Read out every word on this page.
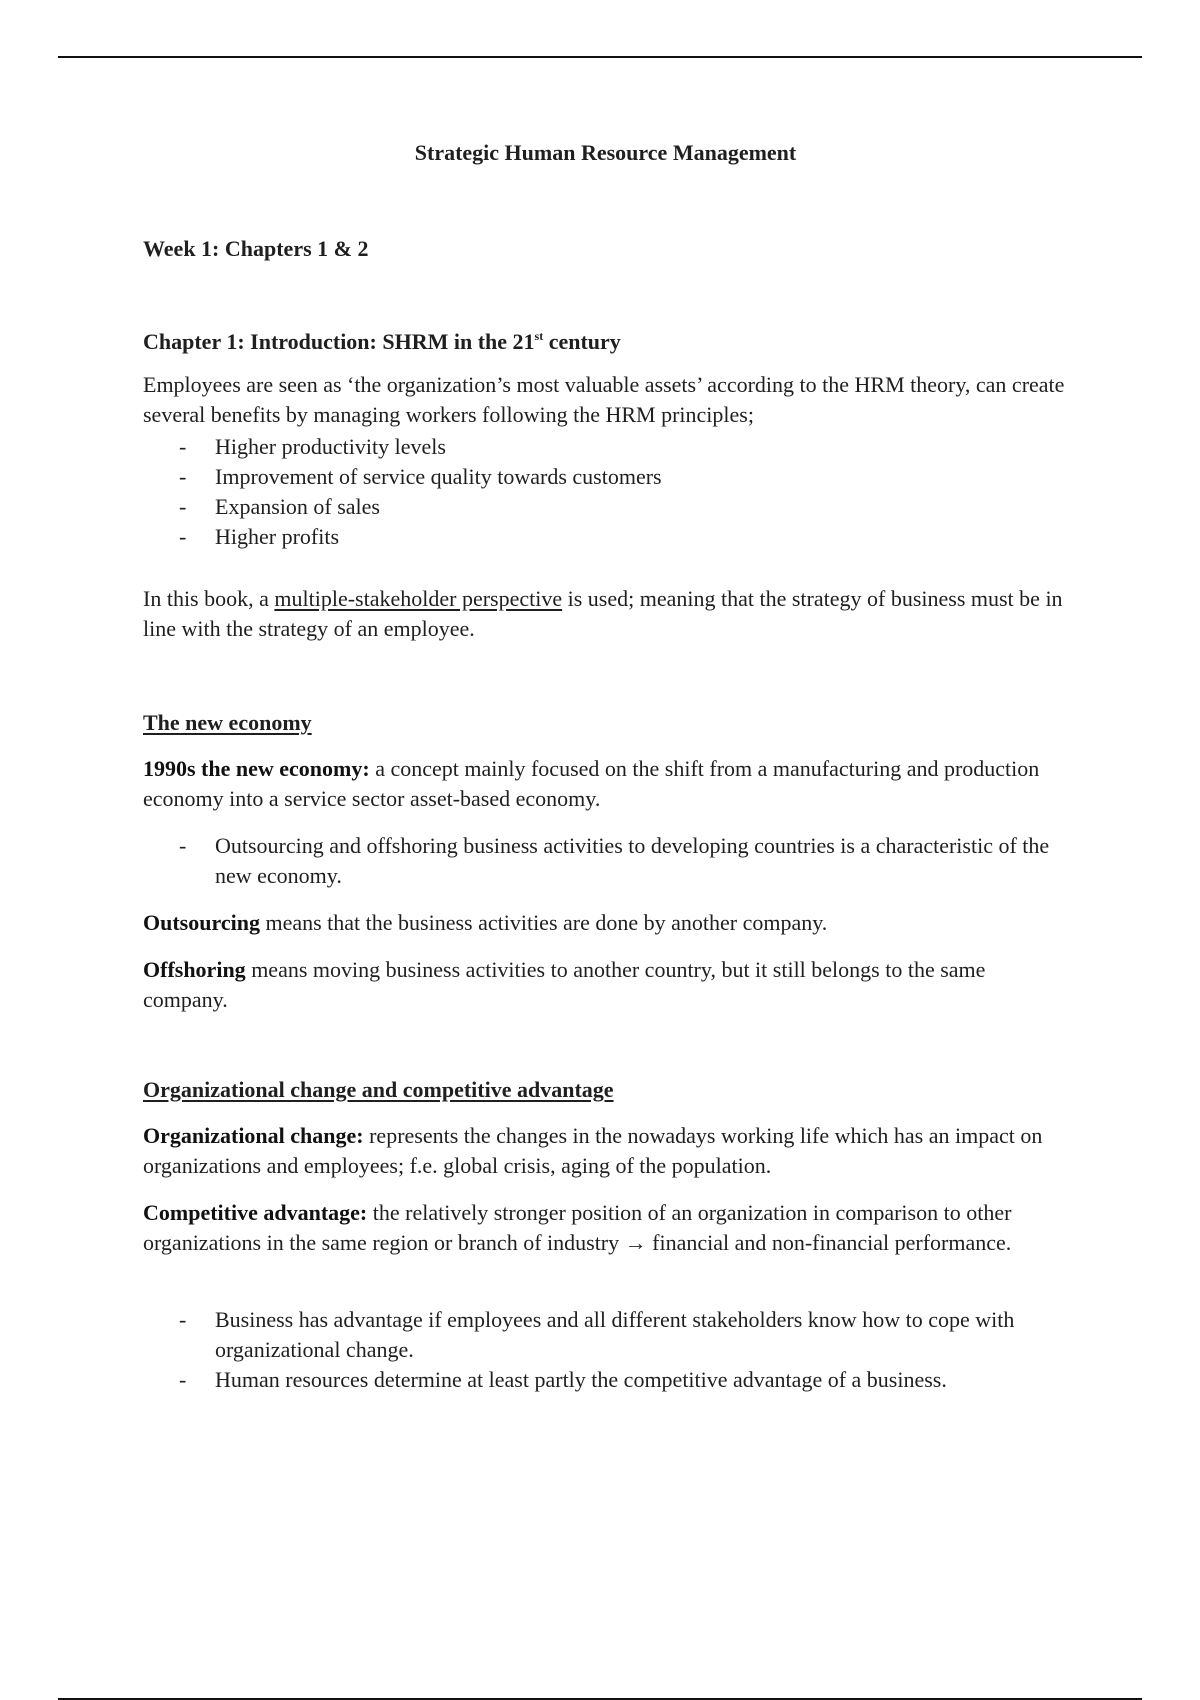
Strategic Human Resource Management
Week 1: Chapters 1 & 2
Chapter 1: Introduction: SHRM in the 21st century

Employees are seen as ‘the organization’s most valuable assets’ according to the HRM theory, can create several benefits by managing workers following the HRM principles;

- Higher productivity levels
- Improvement of service quality towards customers
- Expansion of sales
- Higher profits

In this book, a multiple-stakeholder perspective is used; meaning that the strategy of business must be in line with the strategy of an employee.

The new economy

1990s the new economy: a concept mainly focused on the shift from a manufacturing and production economy into a service sector asset-based economy.

- Outsourcing and offshoring business activities to developing countries is a characteristic of the new economy.

Outsourcing means that the business activities are done by another company.

Offshoring means moving business activities to another country, but it still belongs to the same company.

Organizational change and competitive advantage

Organizational change: represents the changes in the nowadays working life which has an impact on organizations and employees; f.e. global crisis, aging of the population.

Competitive advantage: the relatively stronger position of an organization in comparison to other organizations in the same region or branch of industry → financial and non-financial performance.

- Business has advantage if employees and all different stakeholders know how to cope with organizational change.
- Human resources determine at least partly the competitive advantage of a business.
